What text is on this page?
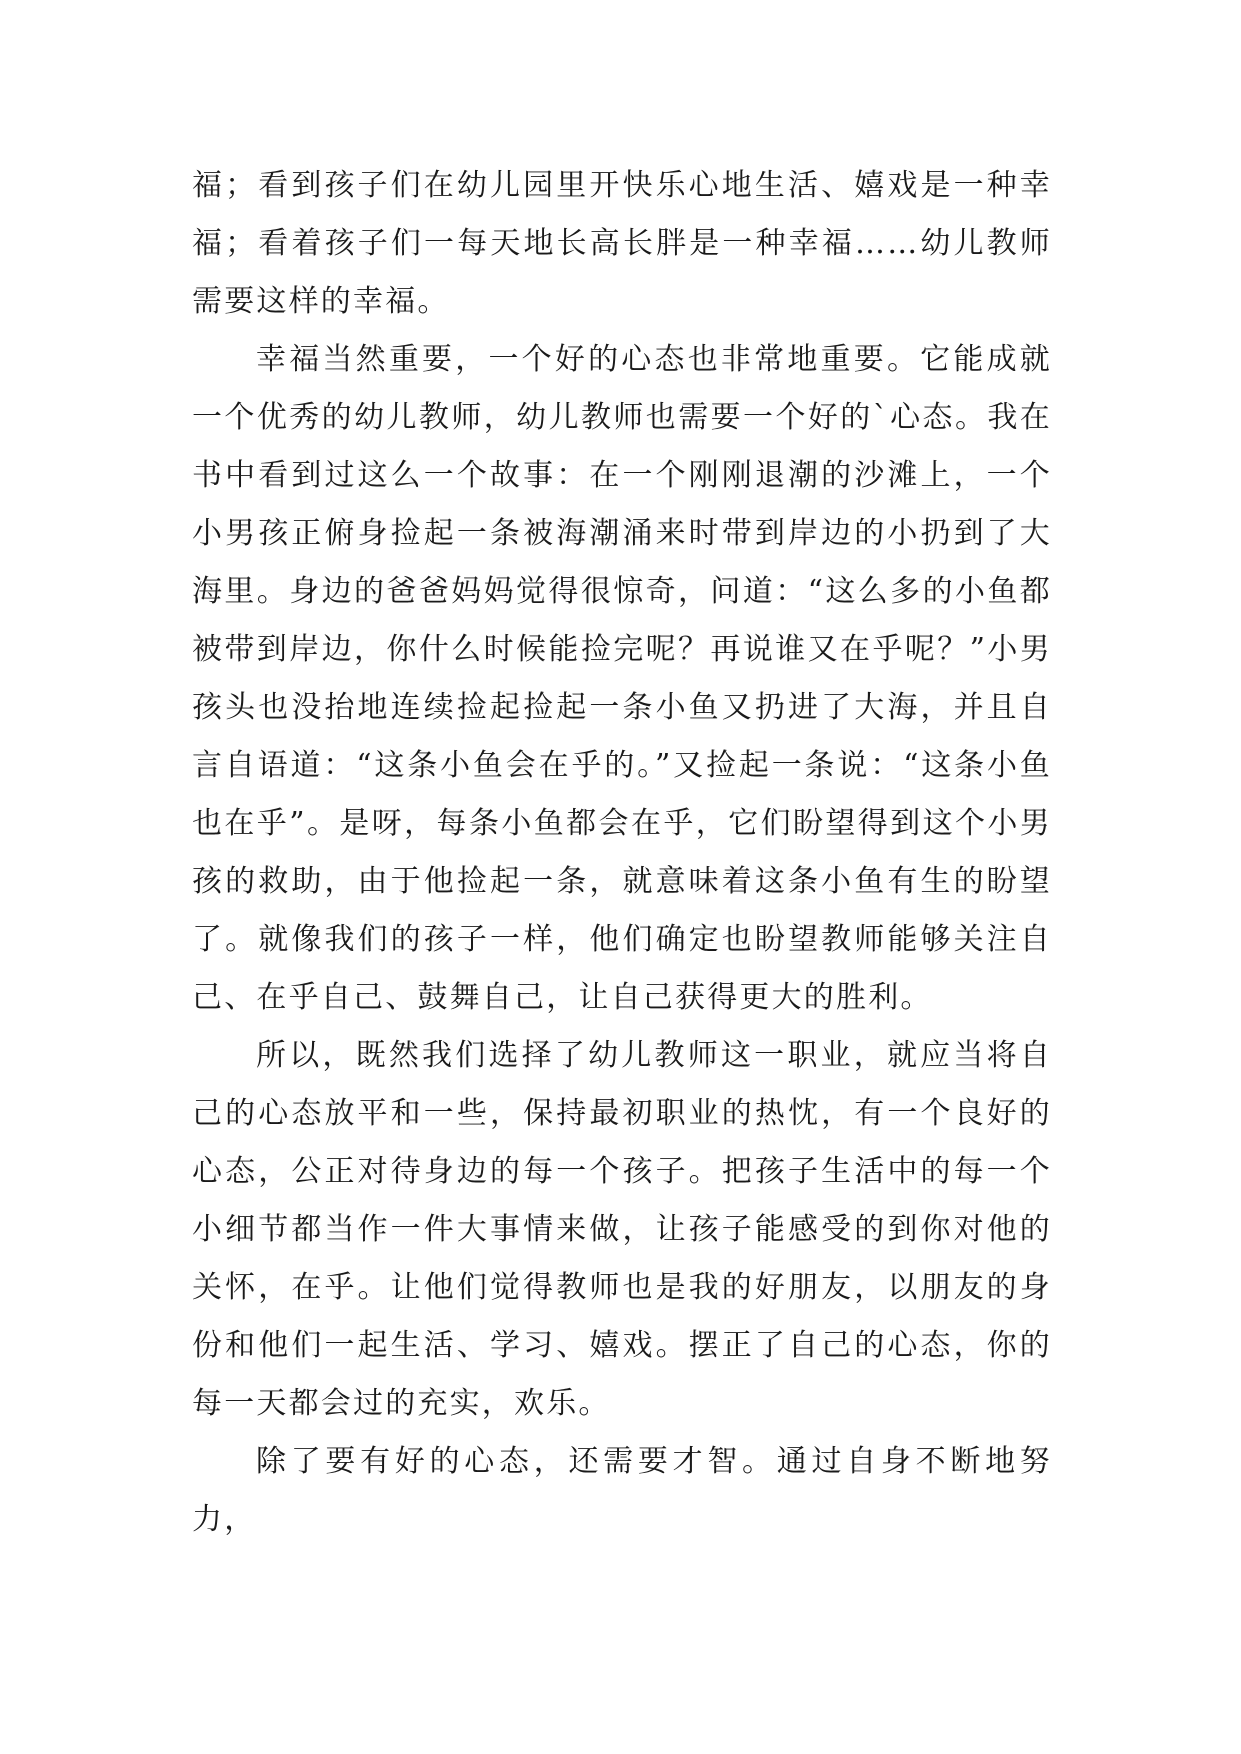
福；看到孩子们在幼儿园里开快乐心地生活、嬉戏是一种幸福；看着孩子们一每天地长高长胖是一种幸福……幼儿教师需要这样的幸福。

幸福当然重要，一个好的心态也非常地重要。它能成就一个优秀的幼儿教师，幼儿教师也需要一个好的`心态。我在书中看到过这么一个故事：在一个刚刚退潮的沙滩上，一个小男孩正俯身捡起一条被海潮涌来时带到岸边的小扔到了大海里。身边的爸爸妈妈觉得很惊奇，问道：“这么多的小鱼都被带到岸边，你什么时候能捡完呢？再说谁又在乎呢？”小男孩头也没抬地连续捡起捡起一条小鱼又扔进了大海，并且自言自语道：“这条小鱼会在乎的。”又捡起一条说：“这条小鱼也在乎”。是呀，每条小鱼都会在乎，它们盼望得到这个小男孩的救助，由于他捡起一条，就意味着这条小鱼有生的盼望了。就像我们的孩子一样，他们确定也盼望教师能够关注自己、在乎自己、鼓舞自己，让自己获得更大的胜利。

所以，既然我们选择了幼儿教师这一职业，就应当将自己的心态放平和一些，保持最初职业的热忱，有一个良好的心态，公正对待身边的每一个孩子。把孩子生活中的每一个小细节都当作一件大事情来做，让孩子能感受的到你对他的关怀，在乎。让他们觉得教师也是我的好朋友，以朋友的身份和他们一起生活、学习、嬉戏。摆正了自己的心态，你的每一天都会过的充实，欢乐。

除了要有好的心态，还需要才智。通过自身不断地努力，
